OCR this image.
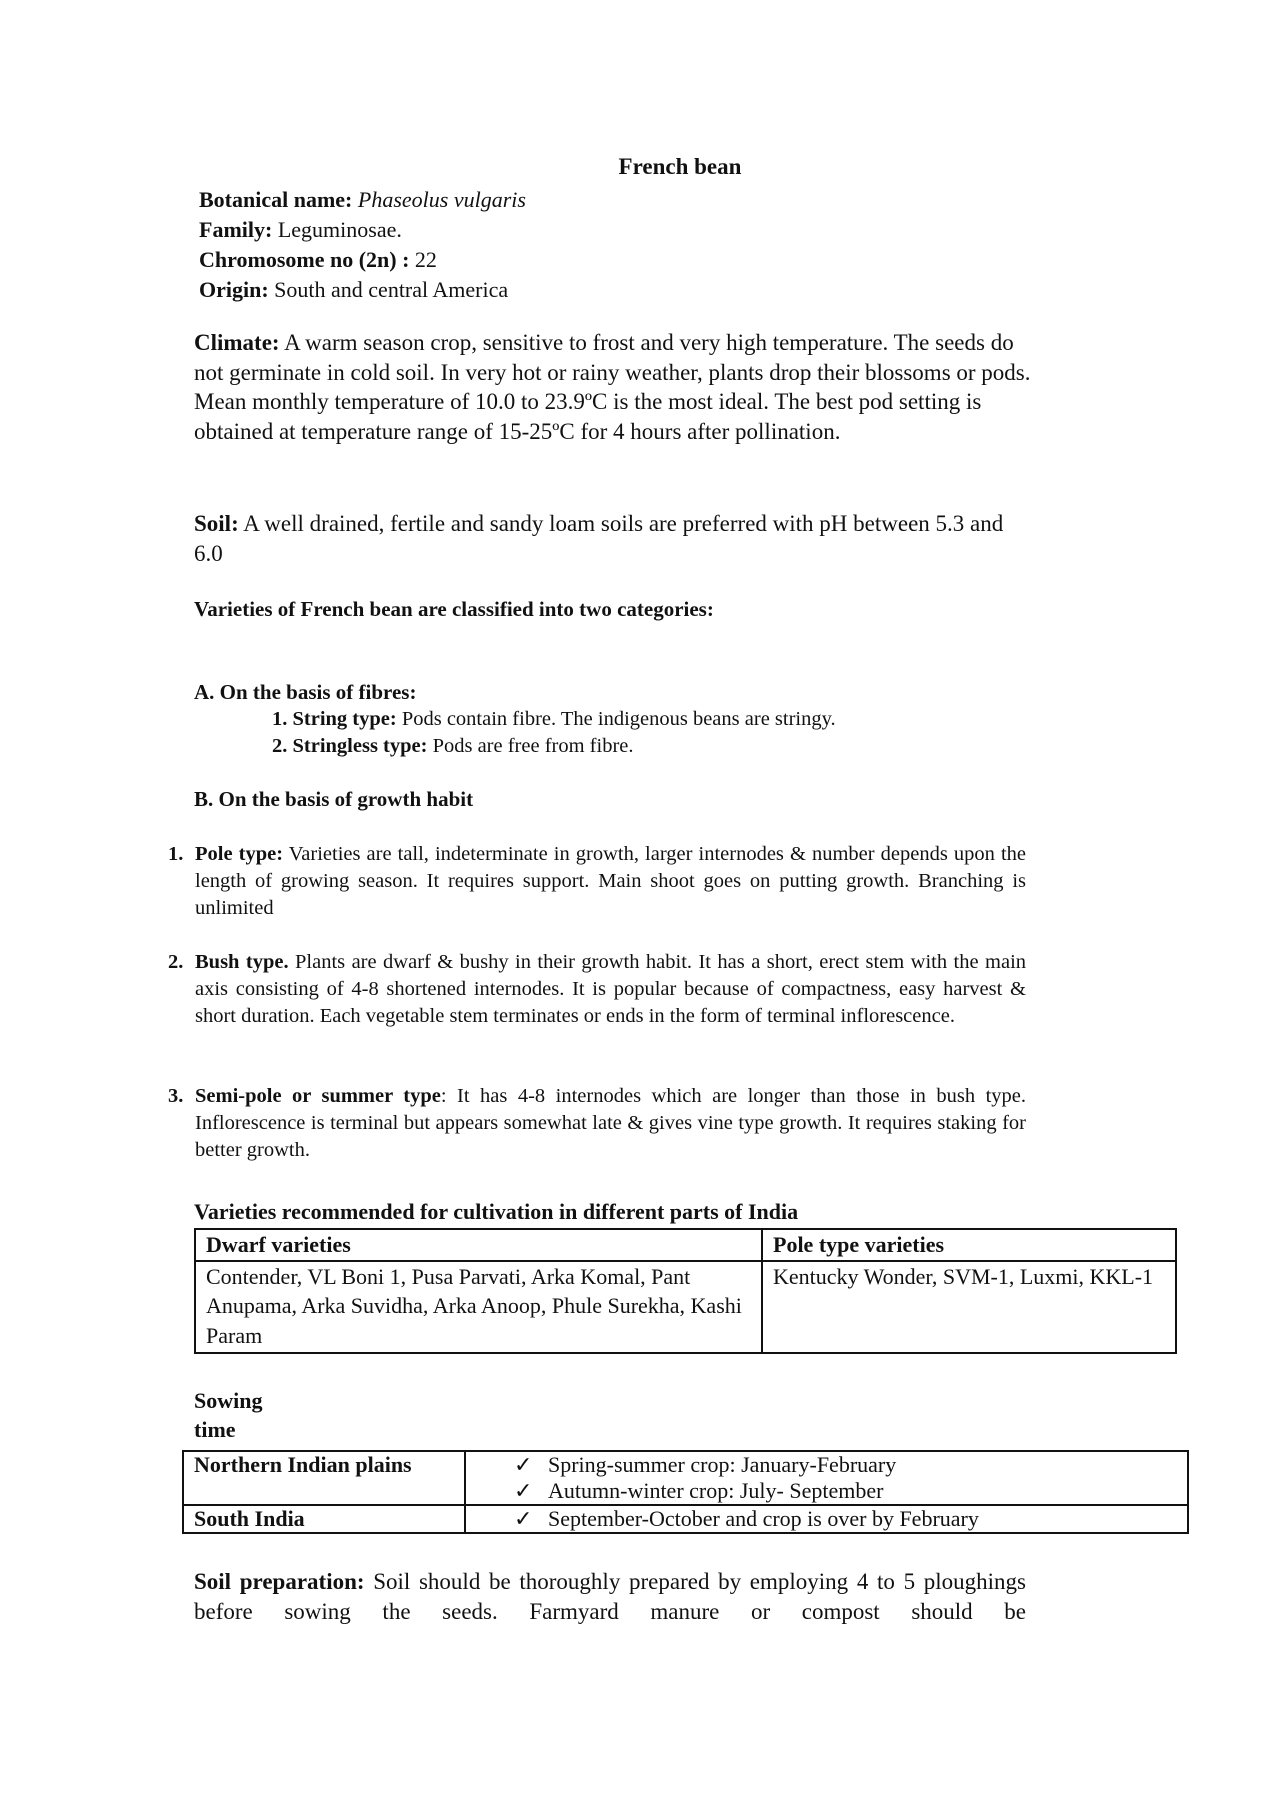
French bean
Botanical name: Phaseolus vulgaris
Family: Leguminosae.
Chromosome no (2n) : 22
Origin: South and central America
Climate: A warm season crop, sensitive to frost and very high temperature. The seeds do not germinate in cold soil. In very hot or rainy weather, plants drop their blossoms or pods. Mean monthly temperature of 10.0 to 23.9ºC is the most ideal. The best pod setting is obtained at temperature range of 15-25ºC for 4 hours after pollination.
Soil: A well drained, fertile and sandy loam soils are preferred with pH between 5.3 and 6.0
Varieties of French bean are classified into two categories:
A. On the basis of fibres:
1. String type: Pods contain fibre. The indigenous beans are stringy.
2. Stringless type: Pods are free from fibre.
B. On the basis of growth habit
1. Pole type: Varieties are tall, indeterminate in growth, larger internodes & number depends upon the length of growing season. It requires support. Main shoot goes on putting growth. Branching is unlimited
2. Bush type. Plants are dwarf & bushy in their growth habit. It has a short, erect stem with the main axis consisting of 4-8 shortened internodes. It is popular because of compactness, easy harvest & short duration. Each vegetable stem terminates or ends in the form of terminal inflorescence.
3. Semi-pole or summer type: It has 4-8 internodes which are longer than those in bush type. Inflorescence is terminal but appears somewhat late & gives vine type growth. It requires staking for better growth.
Varieties recommended for cultivation in different parts of India
Dwarf varieties	Pole type varieties
Contender, VL Boni 1, Pusa Parvati, Arka Komal, Pant Anupama, Arka Suvidha, Arka Anoop, Phule Surekha, Kashi Param	Kentucky Wonder, SVM-1, Luxmi, KKL-1
Sowing
time
Northern Indian plains	✓ Spring-summer crop: January-February
✓ Autumn-winter crop: July- September

South India	✓ September-October and crop is over by February
Soil preparation: Soil should be thoroughly prepared by employing 4 to 5 ploughings before sowing the seeds. Farmyard manure or compost should be
